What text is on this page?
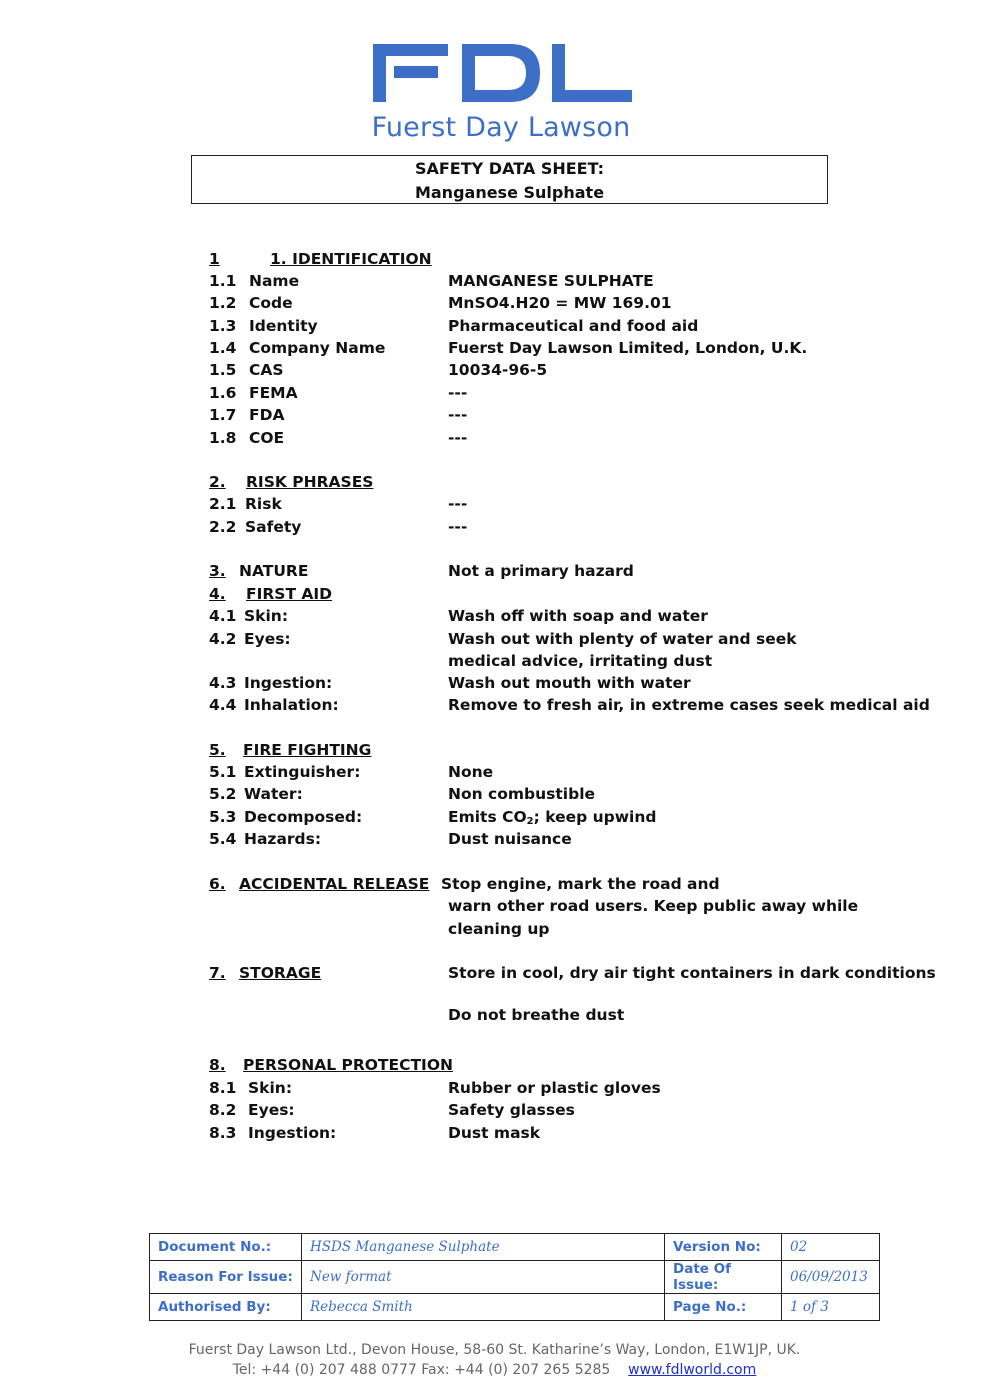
Fuerst Day Lawson
SAFETY DATA SHEET:
Manganese Sulphate
1	1. IDENTIFICATION
1.1 Name	MANGANESE SULPHATE
1.2 Code	MnSO4.H20 = MW 169.01
1.3 Identity	Pharmaceutical and food aid
1.4 Company Name	Fuerst Day Lawson Limited, London, U.K.
1.5 CAS	10034-96-5
1.6 FEMA	---
1.7 FDA	---
1.8 COE	---
2. RISK PHRASES
2.1 Risk	---
2.2 Safety	---
3. NATURE	Not a primary hazard
4. FIRST AID
4.1 Skin:	Wash off with soap and water
4.2 Eyes:	Wash out with plenty of water and seek
medical advice, irritating dust
4.3 Ingestion:	Wash out mouth with water
4.4 Inhalation:	Remove to fresh air, in extreme cases seek medical aid
5. FIRE FIGHTING
5.1 Extinguisher:	None
5.2 Water:	Non combustible
5.3 Decomposed:	Emits $CO_2$; keep upwind
5.4 Hazards:	Dust nuisance
6. ACCIDENTAL RELEASE Stop engine, mark the road and
warn other road users. Keep public away while
cleaning up
7. STORAGE	Store in cool, dry air tight containers in dark conditions
Do not breathe dust
8. PERSONAL PROTECTION
8.1 Skin:	Rubber or plastic gloves
8.2 Eyes:	Safety glasses
8.3 Ingestion:	Dust mask
Document No.:	HSDS Manganese Sulphate	Version No:	02
Reason For Issue:	New format	Date Of Issue:	06/09/2013
Authorised By:	Rebecca Smith	Page No.:	1 of 3
Fuerst Day Lawson Ltd., Devon House, 58-60 St. Katharine’s Way, London, E1W1JP, UK.
Tel: +44 (0) 207 488 0777 Fax: +44 (0) 207 265 5285 www.fdlworld.com
